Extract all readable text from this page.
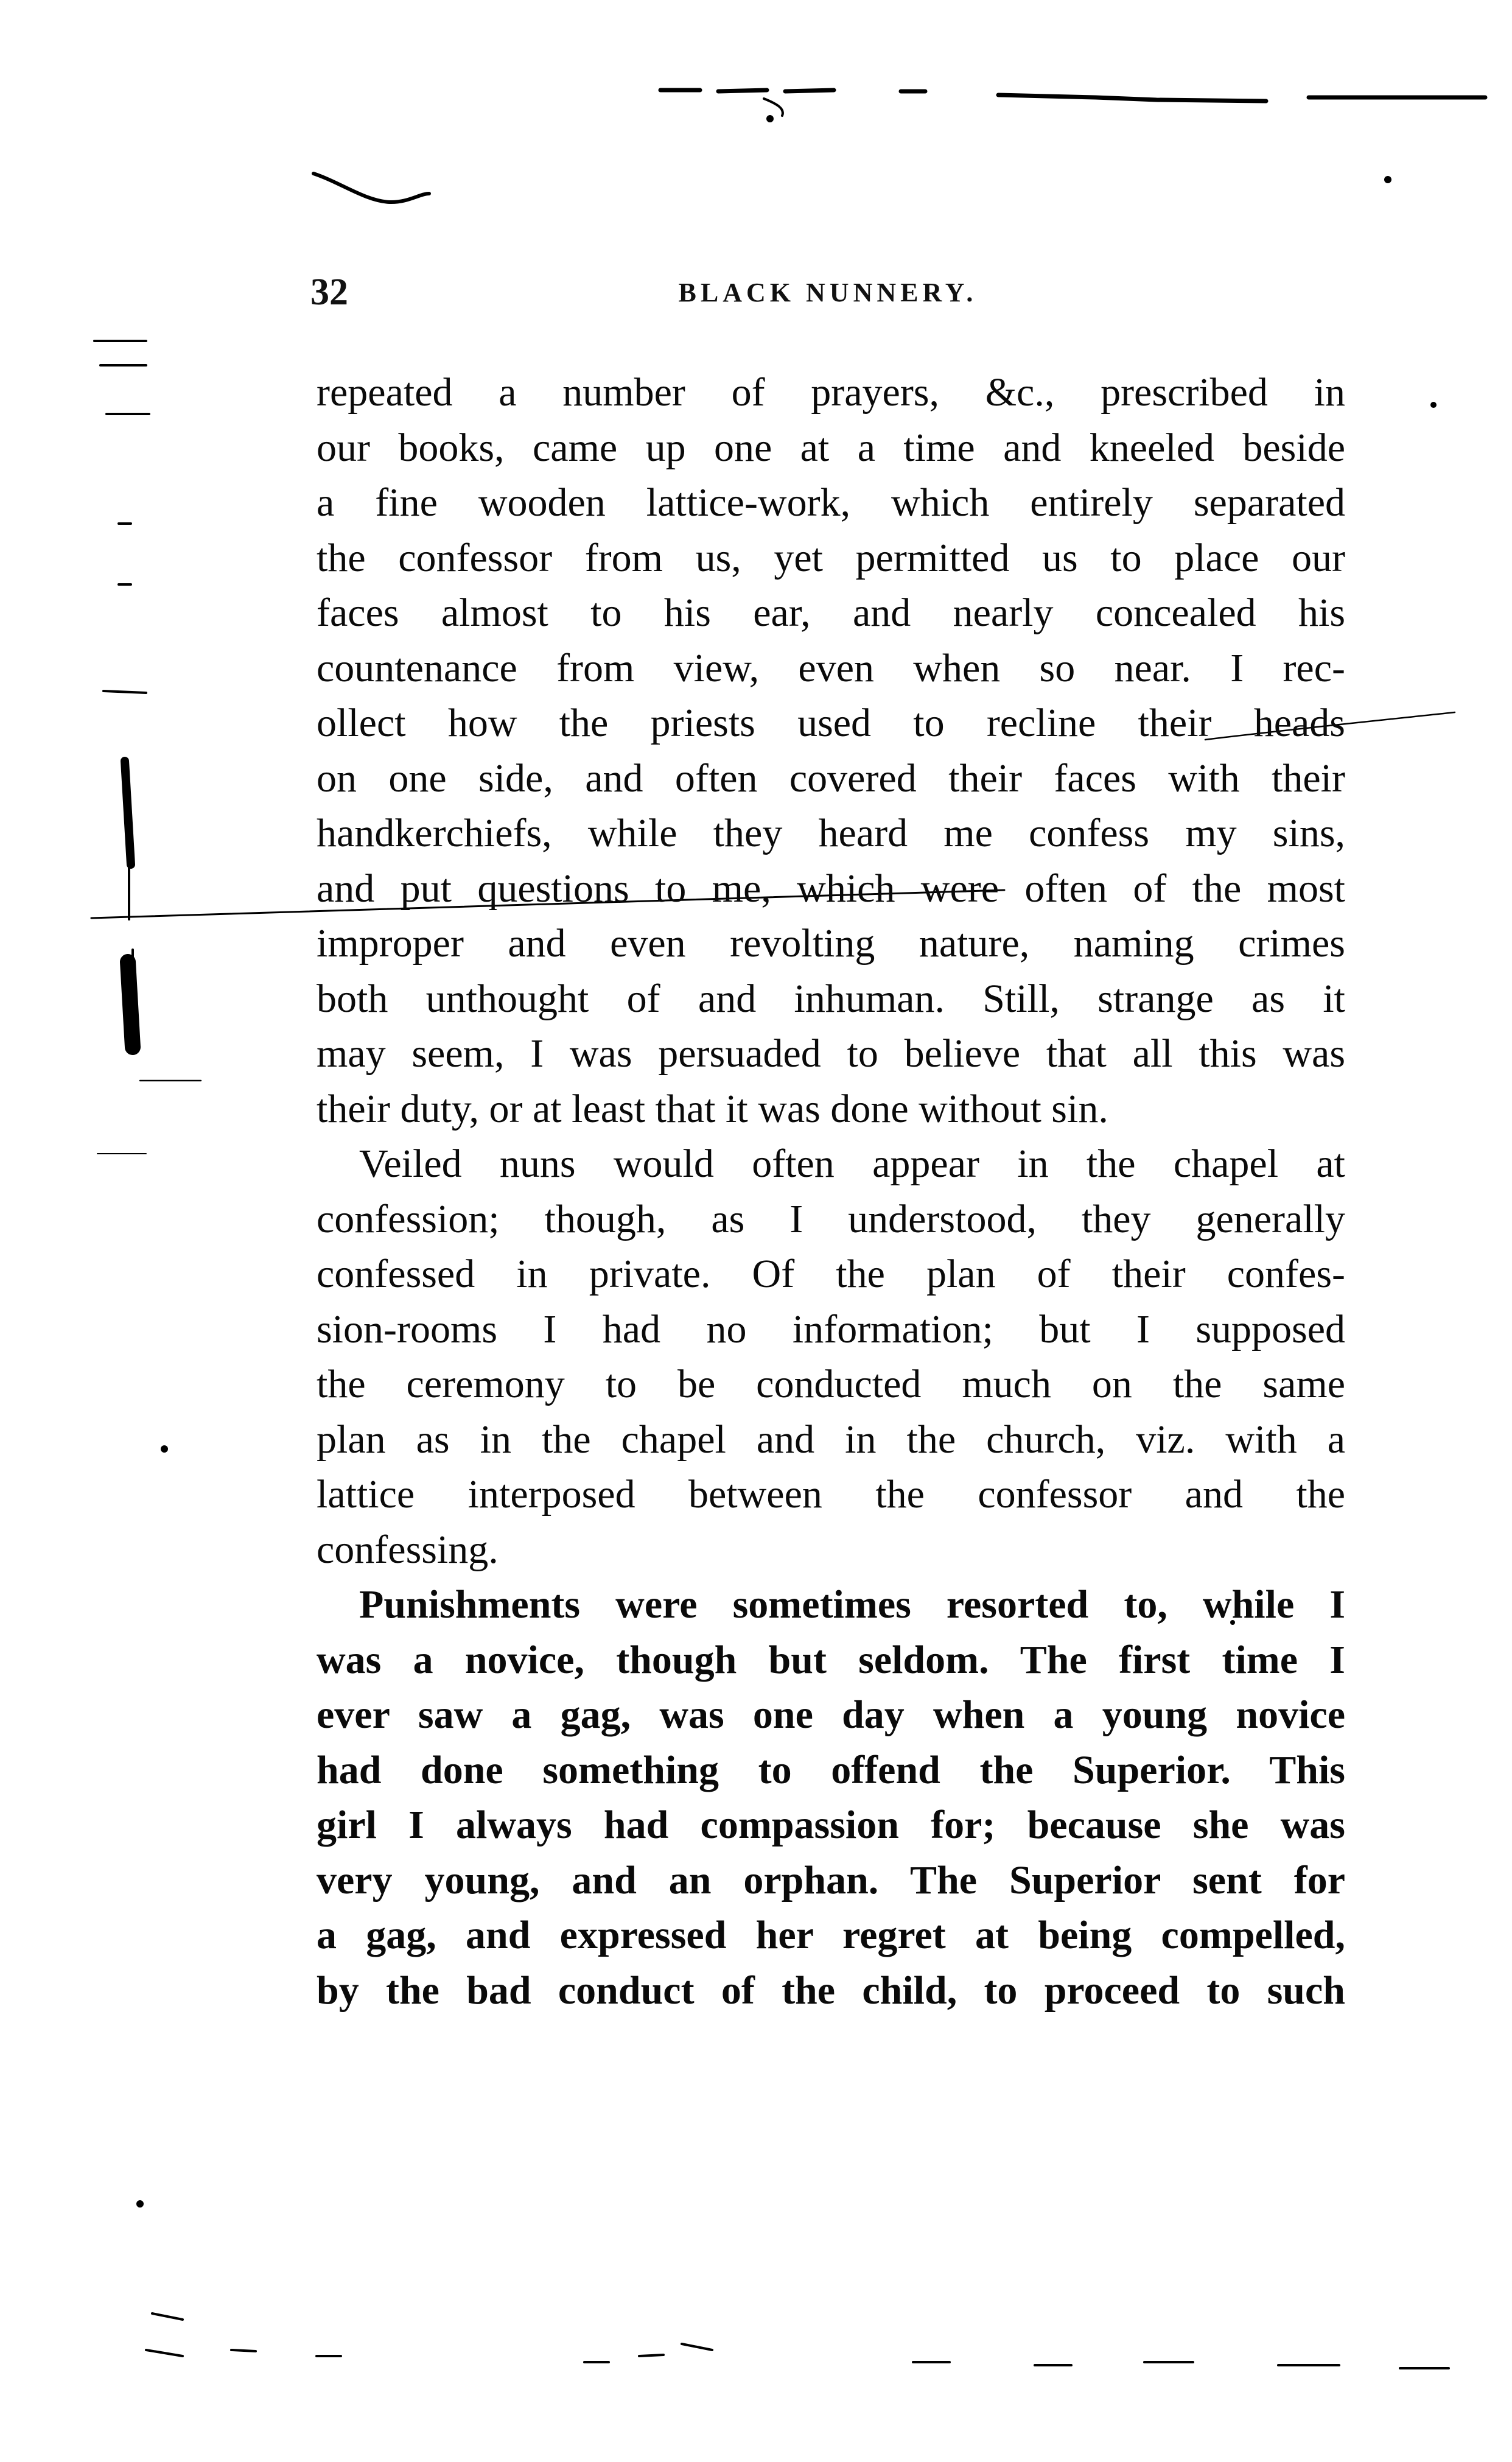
32	BLACK NUNNERY.
repeated a number of prayers, &c., prescribed in
our books, came up one at a time and kneeled beside
a fine wooden lattice-work, which entirely separated
the confessor from us, yet permitted us to place our
faces almost to his ear, and nearly concealed his
countenance from view, even when so near. I rec-
ollect how the priests used to recline their heads
on one side, and often covered their faces with their
handkerchiefs, while they heard me confess my sins,
and put questions to me, which were often of the most
improper and even revolting nature, naming crimes
both unthought of and inhuman. Still, strange as it
may seem, I was persuaded to believe that all this was
their duty, or at least that it was done without sin.
Veiled nuns would often appear in the chapel at
confession; though, as I understood, they generally
confessed in private. Of the plan of their confes-
sion-rooms I had no information; but I supposed
the ceremony to be conducted much on the same
plan as in the chapel and in the church, viz. with a
lattice interposed between the confessor and the
confessing.
Punishments were sometimes resorted to, while I
was a novice, though but seldom. The first time I
ever saw a gag, was one day when a young novice
had done something to offend the Superior. This
girl I always had compassion for; because she was
very young, and an orphan. The Superior sent for
a gag, and expressed her regret at being compelled,
by the bad conduct of the child, to proceed to such
